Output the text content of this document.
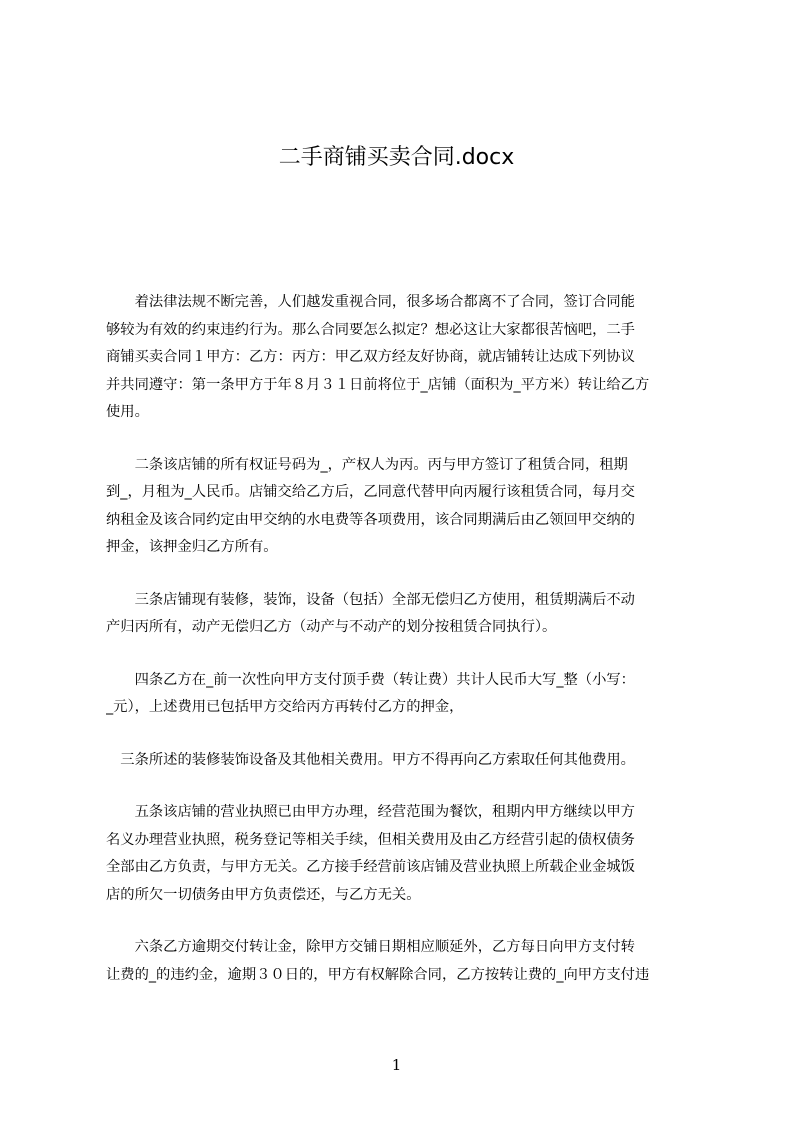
二手商铺买卖合同.docx

　　着法律法规不断完善，人们越发重视合同，很多场合都离不了合同，签订合同能
够较为有效的约束违约行为。那么合同要怎么拟定？想必这让大家都很苦恼吧，二手
商铺买卖合同１甲方：乙方：丙方：甲乙双方经友好协商，就店铺转让达成下列协议
并共同遵守：第一条甲方于年８月３１日前将位于_店铺（面积为_平方米）转让给乙方
使用。

　　二条该店铺的所有权证号码为_，产权人为丙。丙与甲方签订了租赁合同，租期
到_，月租为_人民币。店铺交给乙方后，乙同意代替甲向丙履行该租赁合同，每月交
纳租金及该合同约定由甲交纳的水电费等各项费用，该合同期满后由乙领回甲交纳的
押金，该押金归乙方所有。

　　三条店铺现有装修，装饰，设备（包括）全部无偿归乙方使用，租赁期满后不动
产归丙所有，动产无偿归乙方（动产与不动产的划分按租赁合同执行）。

　　四条乙方在_前一次性向甲方支付顶手费（转让费）共计人民币大写_整（小写：
_元），上述费用已包括甲方交给丙方再转付乙方的押金，

　三条所述的装修装饰设备及其他相关费用。甲方不得再向乙方索取任何其他费用。

　　五条该店铺的营业执照已由甲方办理，经营范围为餐饮，租期内甲方继续以甲方
名义办理营业执照，税务登记等相关手续，但相关费用及由乙方经营引起的债权债务
全部由乙方负责，与甲方无关。乙方接手经营前该店铺及营业执照上所载企业金城饭
店的所欠一切债务由甲方负责偿还，与乙方无关。

　　六条乙方逾期交付转让金，除甲方交铺日期相应顺延外，乙方每日向甲方支付转
让费的_的违约金，逾期３０日的，甲方有权解除合同，乙方按转让费的_向甲方支付违

1
